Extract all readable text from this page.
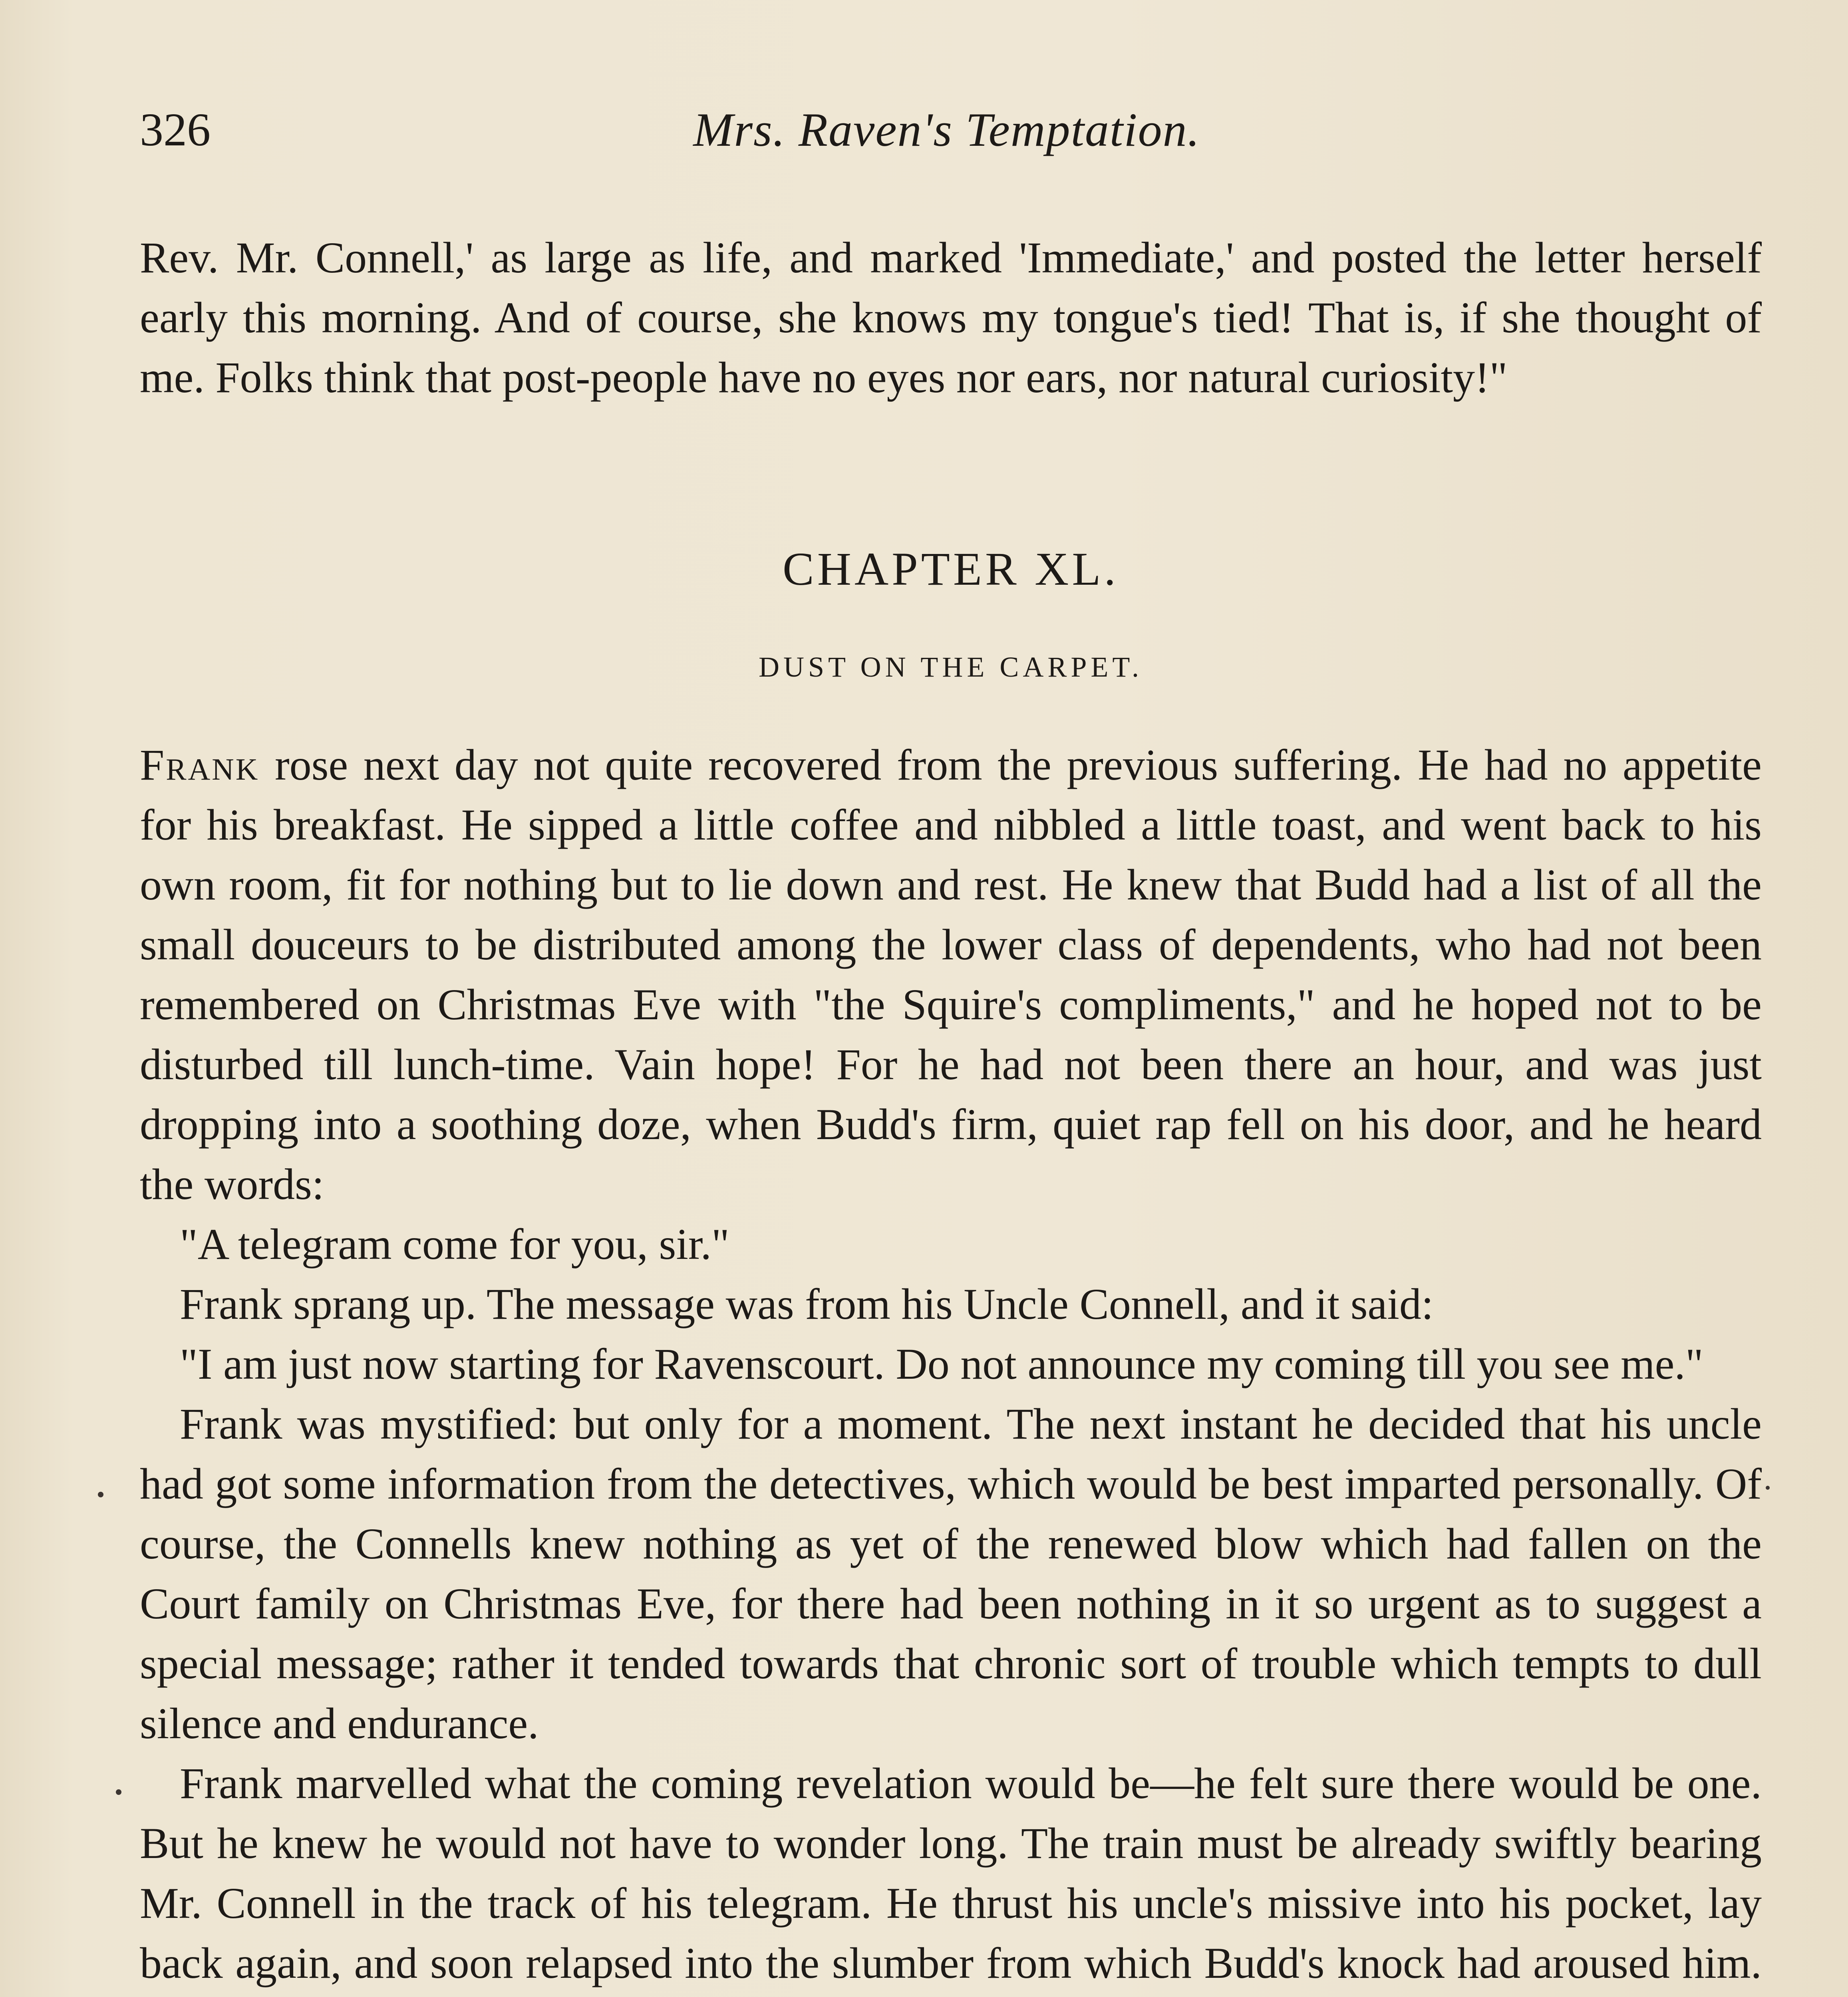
326	Mrs. Raven's Temptation.

Rev. Mr. Connell,' as large as life, and marked 'Immediate,' and posted the letter herself early this morning. And of course, she knows my tongue's tied! That is, if she thought of me. Folks think that post-people have no eyes nor ears, nor natural curiosity!"

CHAPTER XL.

DUST ON THE CARPET.

Frank rose next day not quite recovered from the previous suffering. He had no appetite for his breakfast. He sipped a little coffee and nibbled a little toast, and went back to his own room, fit for nothing but to lie down and rest. He knew that Budd had a list of all the small douceurs to be distributed among the lower class of dependents, who had not been remembered on Christmas Eve with "the Squire's compliments," and he hoped not to be disturbed till lunch-time. Vain hope! For he had not been there an hour, and was just dropping into a soothing doze, when Budd's firm, quiet rap fell on his door, and he heard the words:

"A telegram come for you, sir."

Frank sprang up. The message was from his Uncle Connell, and it said:

"I am just now starting for Ravenscourt. Do not announce my coming till you see me."

Frank was mystified: but only for a moment. The next instant he decided that his uncle had got some information from the detectives, which would be best imparted personally. Of course, the Connells knew nothing as yet of the renewed blow which had fallen on the Court family on Christmas Eve, for there had been nothing in it so urgent as to suggest a special message; rather it tended towards that chronic sort of trouble which tempts to dull silence and endurance.

Frank marvelled what the coming revelation would be—he felt sure there would be one. But he knew he would not have to wonder long. The train must be already swiftly bearing Mr. Connell in the track of his telegram. He thrust his uncle's missive into his pocket, lay back again, and soon relapsed into the slumber from which Budd's knock had aroused him.
